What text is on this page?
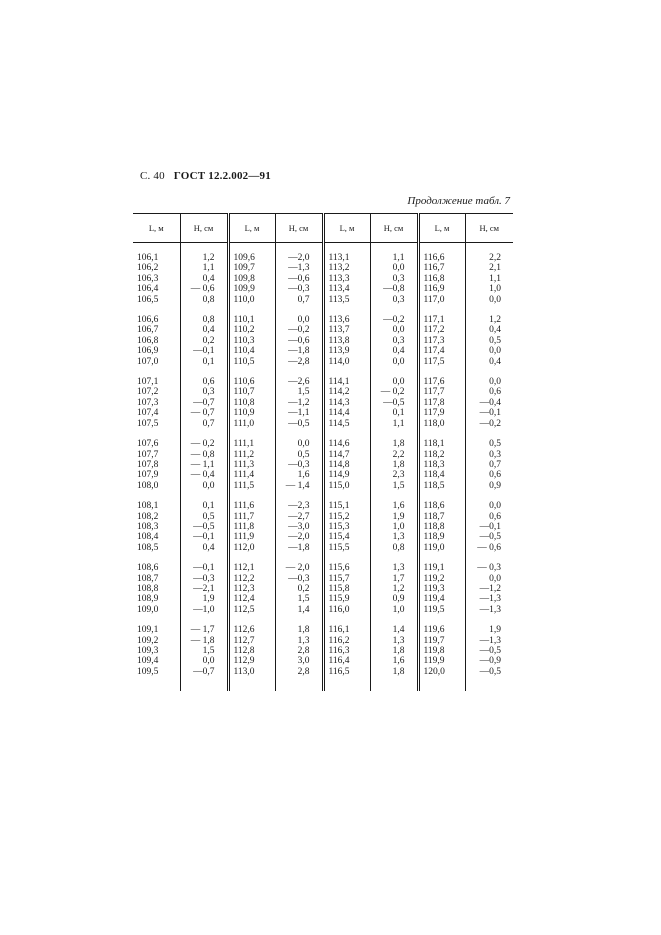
С. 40 ГОСТ 12.2.002—91
Продолжение табл. 7
L, м	H, см	L, м	H, см	L, м	H, см	L, м	H, см

106,1	1,2	109,6	—2,0	113,1	1,1	116,6	2,2
106,2	1,1	109,7	—1,3	113,2	0,0	116,7	2,1
106,3	0,4	109,8	—0,6	113,3	0,3	116,8	1,1
106,4	— 0,6	109,9	—0,3	113,4	—0,8	116,9	1,0
106,5	0,8	110,0	0,7	113,5	0,3	117,0	0,0

106,6	0,8	110,1	0,0	113,6	—0,2	117,1	1,2
106,7	0,4	110,2	—0,2	113,7	0,0	117,2	0,4
106,8	0,2	110,3	—0,6	113,8	0,3	117,3	0,5
106,9	—0,1	110,4	—1,8	113,9	0,4	117,4	0,0
107,0	0,1	110,5	—2,8	114,0	0,0	117,5	0,4

107,1	0,6	110,6	—2,6	114,1	0,0	117,6	0,0
107,2	0,3	110,7	1,5	114,2	— 0,2	117,7	0,6
107,3	—0,7	110,8	—1,2	114,3	—0,5	117,8	—0,4
107,4	— 0,7	110,9	—1,1	114,4	0,1	117,9	—0,1
107,5	0,7	111,0	—0,5	114,5	1,1	118,0	—0,2

107,6	— 0,2	111,1	0,0	114,6	1,8	118,1	0,5
107,7	— 0,8	111,2	0,5	114,7	2,2	118,2	0,3
107,8	— 1,1	111,3	—0,3	114,8	1,8	118,3	0,7
107,9	— 0,4	111,4	1,6	114,9	2,3	118,4	0,6
108,0	0,0	111,5	— 1,4	115,0	1,5	118,5	0,9

108,1	0,1	111,6	—2,3	115,1	1,6	118,6	0,0
108,2	0,5	111,7	—2,7	115,2	1,9	118,7	0,6
108,3	—0,5	111,8	—3,0	115,3	1,0	118,8	—0,1
108,4	—0,1	111,9	—2,0	115,4	1,3	118,9	—0,5
108,5	0,4	112,0	—1,8	115,5	0,8	119,0	— 0,6

108,6	—0,1	112,1	— 2,0	115,6	1,3	119,1	— 0,3
108,7	—0,3	112,2	—0,3	115,7	1,7	119,2	0,0
108,8	—2,1	112,3	0,2	115,8	1,2	119,3	—1,2
108,9	1,9	112,4	1,5	115,9	0,9	119,4	—1,3
109,0	—1,0	112,5	1,4	116,0	1,0	119,5	—1,3

109,1	— 1,7	112,6	1,8	116,1	1,4	119,6	1,9
109,2	— 1,8	112,7	1,3	116,2	1,3	119,7	—1,3
109,3	1,5	112,8	2,8	116,3	1,8	119,8	—0,5
109,4	0,0	112,9	3,0	116,4	1,6	119,9	—0,9
109,5	—0,7	113,0	2,8	116,5	1,8	120,0	—0,5
